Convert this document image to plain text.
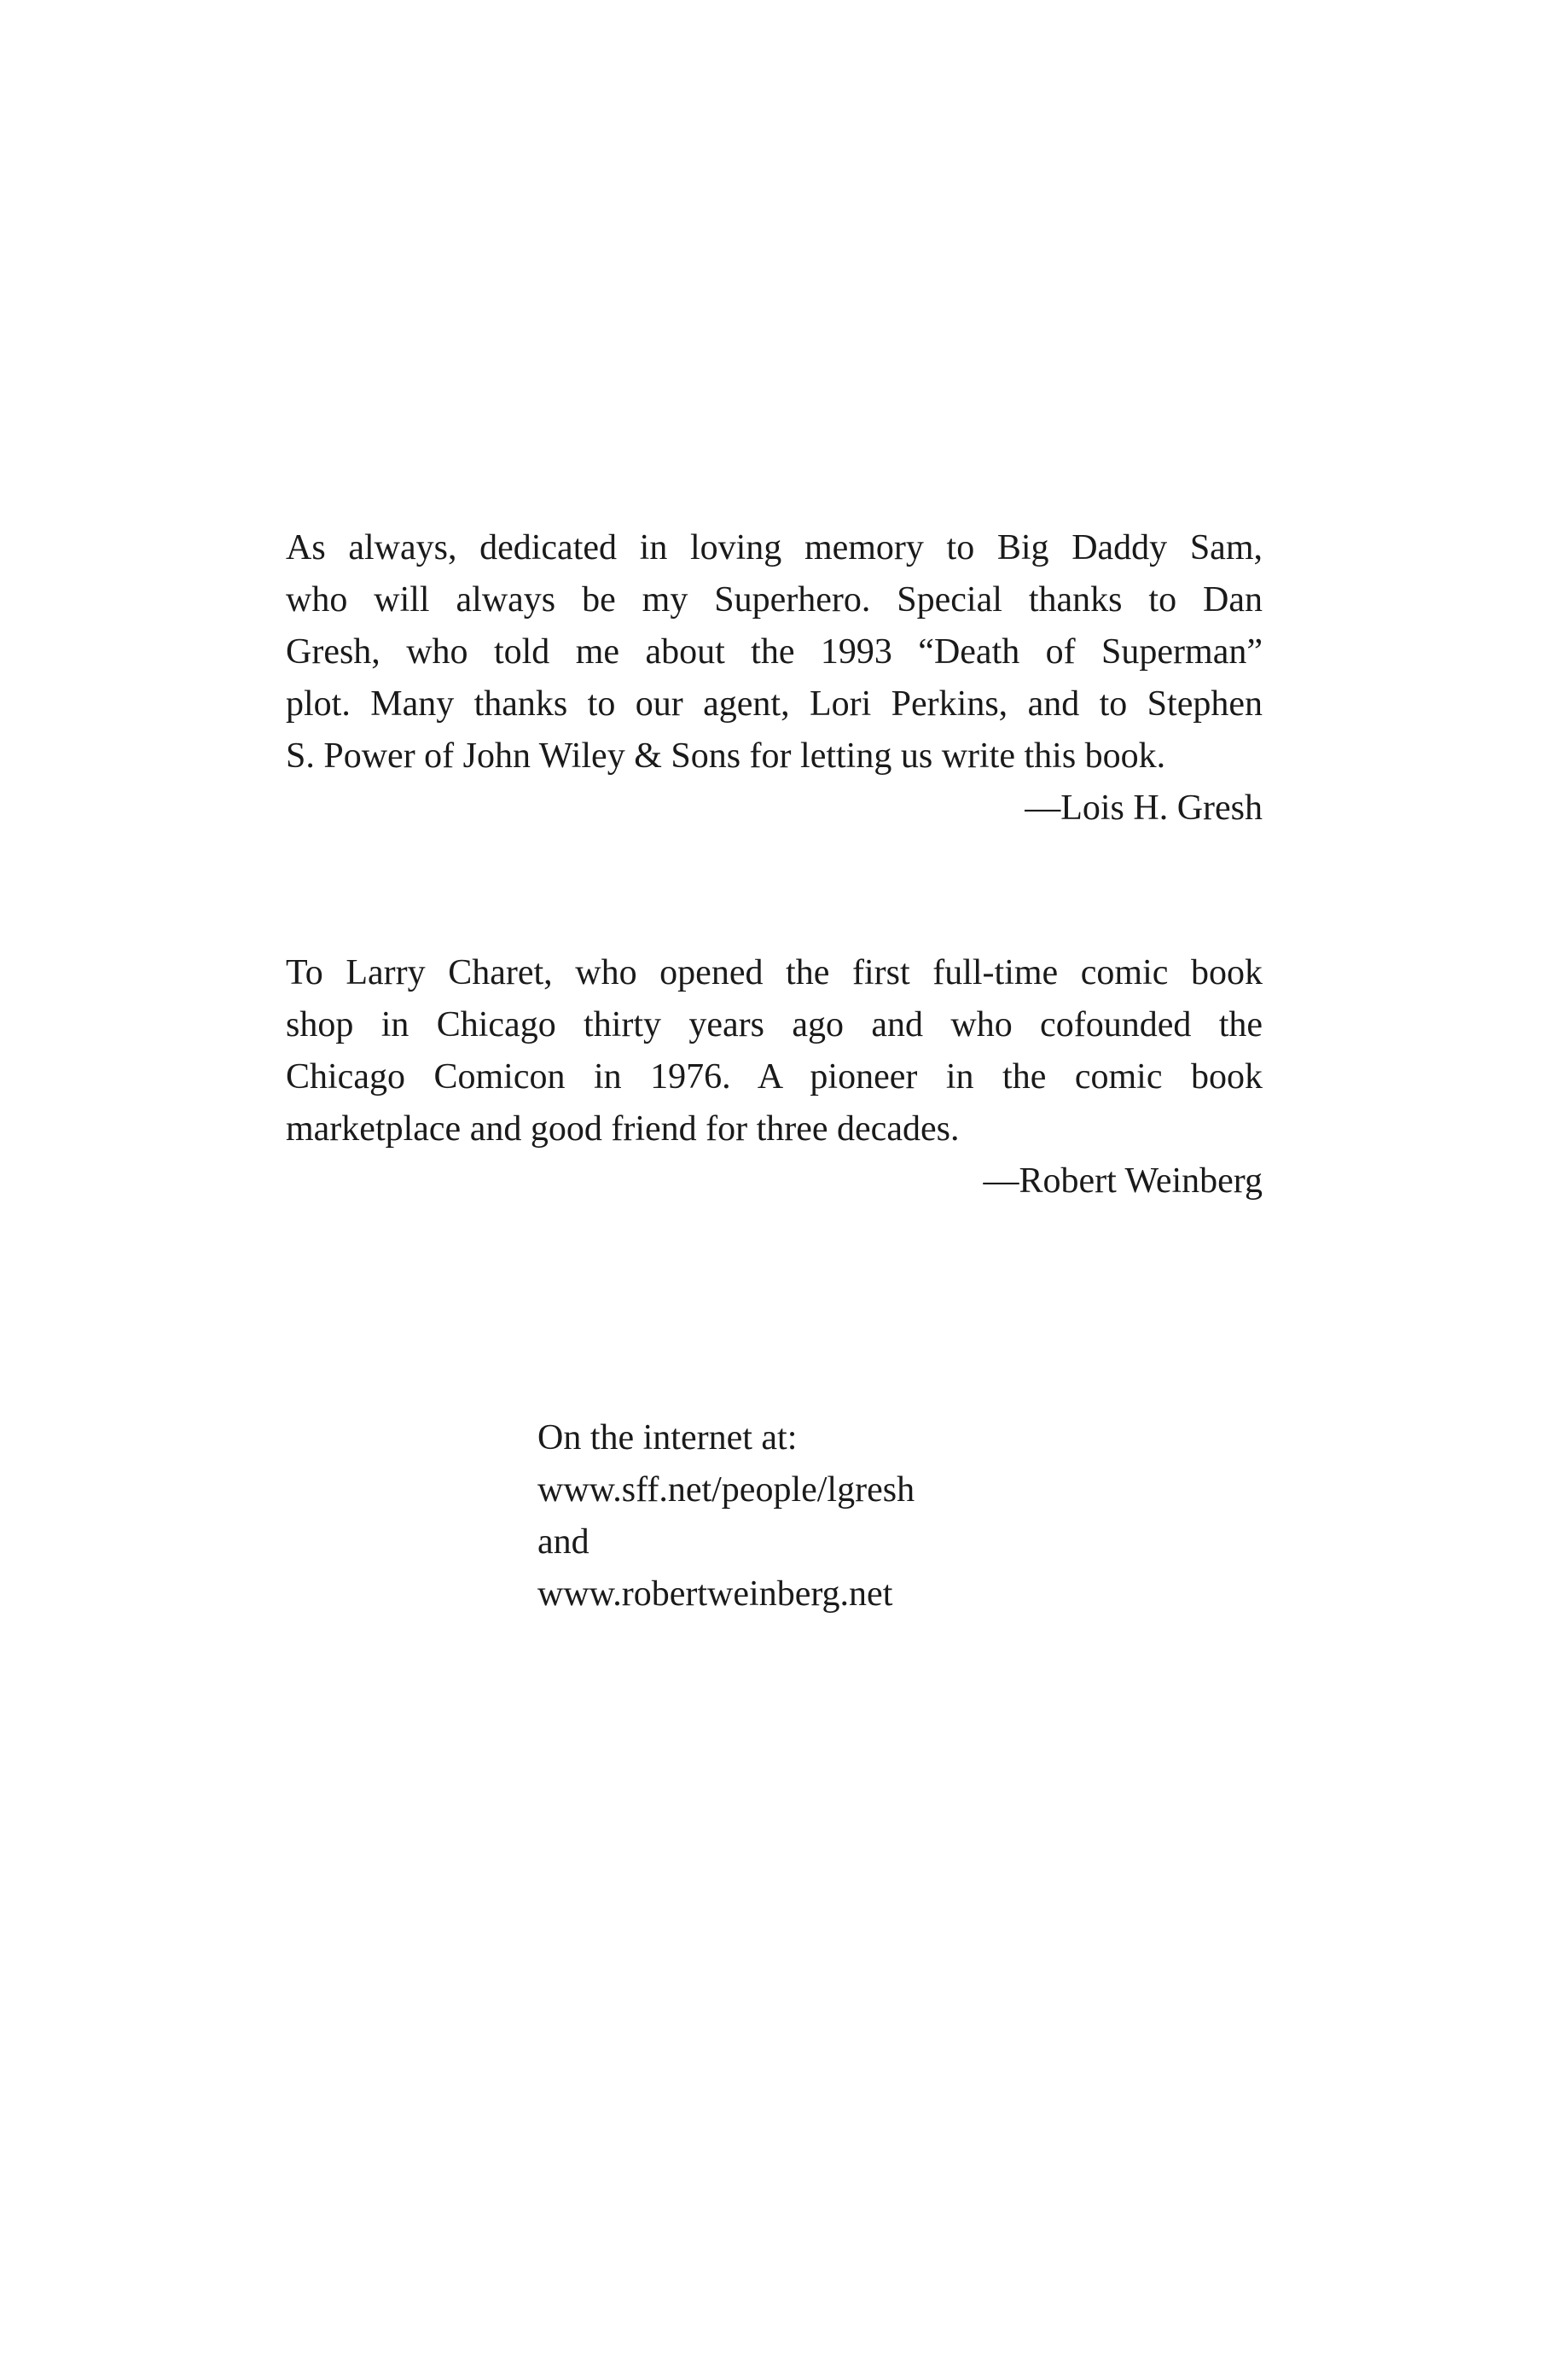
As always, dedicated in loving memory to Big Daddy Sam,
who will always be my Superhero. Special thanks to Dan
Gresh, who told me about the 1993 “Death of Superman”
plot. Many thanks to our agent, Lori Perkins, and to Stephen
S. Power of John Wiley & Sons for letting us write this book.
—Lois H. Gresh
To Larry Charet, who opened the first full-time comic book
shop in Chicago thirty years ago and who cofounded the
Chicago Comicon in 1976. A pioneer in the comic book
marketplace and good friend for three decades.
—Robert Weinberg
On the internet at:
www.sff.net/people/lgresh
and
www.robertweinberg.net
